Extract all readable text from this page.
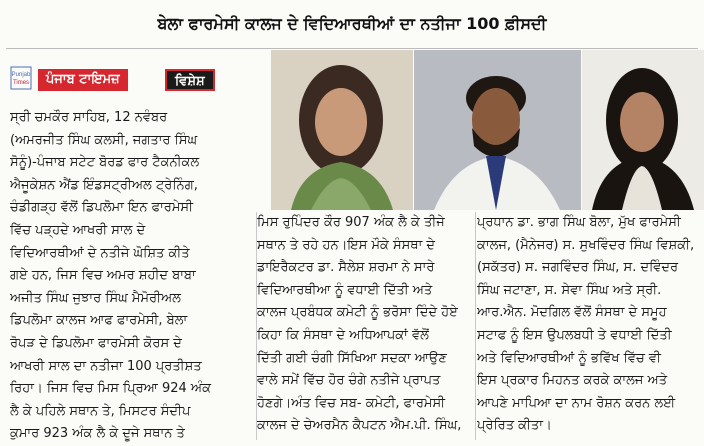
ਬੇਲਾ ਫਾਰਮੇਸੀ ਕਾਲਜ ਦੇ ਵਿਦਿਆਰਥੀਆਂ ਦਾ ਨਤੀਜਾ 100 ਫ਼ੀਸਦੀ
Punjab
Times	ਪੰਜਾਬ ਟਾਇਮਜ਼	ਵਿਸ਼ੇਸ਼
ਸ੍ਰੀ ਚਮਕੌਰ ਸਾਹਿਬ, 12 ਨਵੰਬਰ
(ਅਮਰਜੀਤ ਸਿੰਘ ਕਲਸੀ, ਜਗਤਾਰ ਸਿੰਘ
ਸੋਨੂੰ)-ਪੰਜਾਬ ਸਟੇਟ ਬੋਰਡ ਫਾਰ ਟੈਕਨੀਕਲ
ਐਜੂਕੇਸ਼ਨ ਐਂਡ ਇੰਡਸਟ੍ਰੀਅਲ ਟ੍ਰੇਨਿੰਗ,
ਚੰਡੀਗੜ੍ਹ ਵੱਲੋਂ ਡਿਪਲੋਮਾ ਇਨ ਫਾਰਮੇਸੀ
ਵਿੱਚ ਪੜ੍ਹਦੇ ਆਖਰੀ ਸਾਲ ਦੇ
ਵਿਦਿਆਰਥੀਆਂ ਦੇ ਨਤੀਜੇ ਘੋਸ਼ਿਤ ਕੀਤੇ
ਗਏ ਹਨ, ਜਿਸ ਵਿਚ ਅਮਰ ਸ਼ਹੀਦ ਬਾਬਾ
ਅਜੀਤ ਸਿੰਘ ਜੁਝਾਰ ਸਿੰਘ ਮੈਮੋਰੀਅਲ
ਡਿਪਲੋਮਾ ਕਾਲਜ ਆਫ ਫਾਰਮੇਸੀ, ਬੇਲਾ
ਰੋਪੜ ਦੇ ਡਿਪਲੋਮਾ ਫਾਰਮੇਸੀ ਕੋਰਸ ਦੇ
ਆਖਰੀ ਸਾਲ ਦਾ ਨਤੀਜਾ 100 ਪ੍ਰਤੀਸ਼ਤ
ਰਿਹਾ। ਜਿਸ ਵਿਚ ਮਿਸ ਪ੍ਰਿਆ 924 ਅੰਕ
ਲੈ ਕੇ ਪਹਿਲੇ ਸਥਾਨ ਤੇ, ਮਿਸਟਰ ਸੰਦੀਪ
ਕੁਮਾਰ 923 ਅੰਕ ਲੈ ਕੇ ਦੂਜੇ ਸਥਾਨ ਤੇ
ਮਿਸ ਰੁਪਿੰਦਰ ਕੌਰ 907 ਅੰਕ ਲੈ ਕੇ ਤੀਜੇ
ਸਥਾਨ ਤੇ ਰਹੇ ਹਨ।ਇਸ ਮੌਕੇ ਸੰਸਥਾ ਦੇ
ਡਾਇਰੈਕਟਰ ਡਾ. ਸੈਲੇਸ਼ ਸ਼ਰਮਾ ਨੇ ਸਾਰੇ
ਵਿਦਿਆਰਥੀਆ ਨੂੰ ਵਧਾਈ ਦਿੱਤੀ ਅਤੇ
ਕਾਲਜ ਪ੍ਰਬੰਧਕ ਕਮੇਟੀ ਨੂੰ ਭਰੋਸਾ ਦਿੰਦੇ ਹੋਏ
ਕਿਹਾ ਕਿ ਸੰਸਥਾ ਦੇ ਅਧਿਆਪਕਾਂ ਵੱਲੋਂ
ਦਿੱਤੀ ਗਈ ਚੰਗੀ ਸਿੱਖਿਆ ਸਦਕਾ ਆਉਣ
ਵਾਲੇ ਸਮੇਂ ਵਿੱਚ ਹੋਰ ਚੰਗੇ ਨਤੀਜੇ ਪ੍ਰਾਪਤ
ਹੋਣਗੇ।ਅੰਤ ਵਿਚ ਸਬ- ਕਮੇਟੀ, ਫਾਰਮੇਸੀ
ਕਾਲਜ ਦੇ ਚੇਅਰਮੈਨ ਕੈਪਟਨ ਐਮ.ਪੀ. ਸਿੰਘ,
ਪ੍ਰਧਾਨ ਡਾ. ਭਾਗ ਸਿੰਘ ਬੋਲਾ, ਮੁੱਖ ਫਾਰਮੇਸੀ
ਕਾਲਜ, (ਮੈਨੇਜਰ) ਸ. ਸੁਖਵਿੰਦਰ ਸਿੰਘ ਵਿਸ਼ਕੀ,
(ਸਕੱਤਰ) ਸ. ਜਗਵਿੰਦਰ ਸਿੰਘ, ਸ. ਦਵਿੰਦਰ
ਸਿੰਘ ਜਟਾਣਾ, ਸ. ਸੇਵਾ ਸਿੰਘ ਅਤੇ ਸ੍ਰੀ.
ਆਰ.ਐਨ. ਮੋਦਗਿਲ ਵੱਲੋਂ ਸੰਸਥਾ ਦੇ ਸਮੂਹ
ਸਟਾਫ ਨੂੰ ਇਸ ਉਪਲਬਧੀ ਤੇ ਵਧਾਈ ਦਿੱਤੀ
ਅਤੇ ਵਿਦਿਆਰਥੀਆਂ ਨੂੰ ਭਵਿੱਖ ਵਿੱਚ ਵੀ
ਇਸ ਪ੍ਰਕਾਰ ਮਿਹਨਤ ਕਰਕੇ ਕਾਲਜ ਅਤੇ
ਆਪਣੇ ਮਾਪਿਆ ਦਾ ਨਾਮ ਰੋਸ਼ਨ ਕਰਨ ਲਈ
ਪ੍ਰੇਰਿਤ ਕੀਤਾ।
